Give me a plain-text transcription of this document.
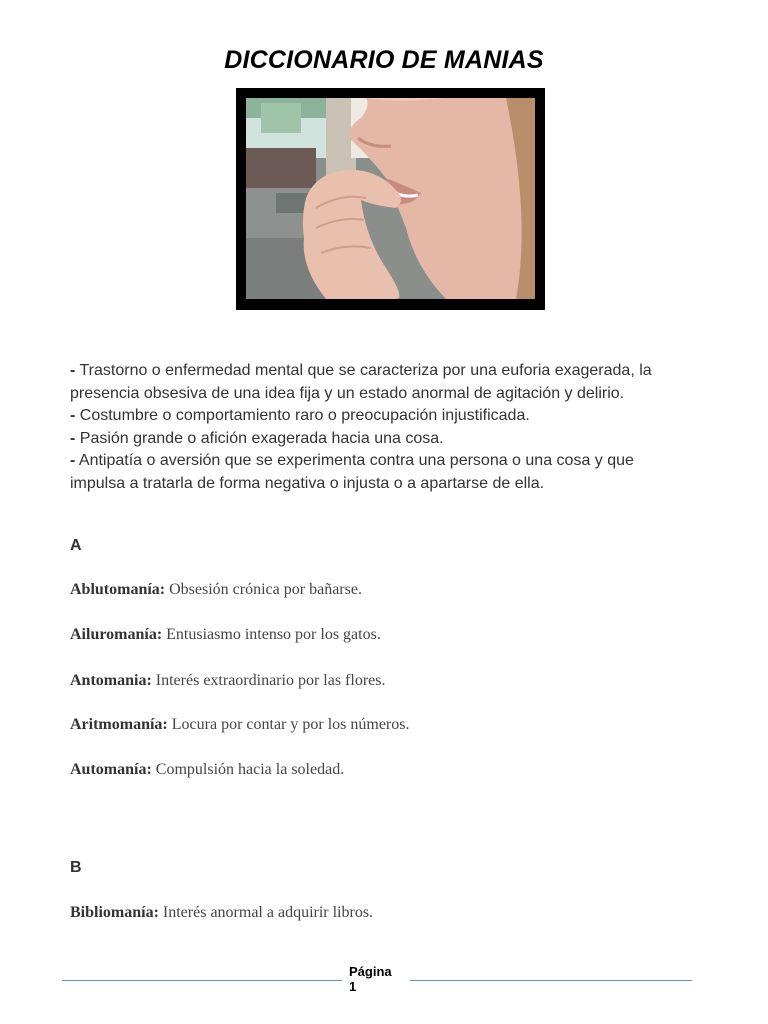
DICCIONARIO DE MANIAS

- Trastorno o enfermedad mental que se caracteriza por una euforia exagerada, la presencia obsesiva de una idea fija y un estado anormal de agitación y delirio.

- Costumbre o comportamiento raro o preocupación injustificada.

- Pasión grande o afición exagerada hacia una cosa.

- Antipatía o aversión que se experimenta contra una persona o una cosa y que impulsa a tratarla de forma negativa o injusta o a apartarse de ella.

A
Ablutomanía: Obsesión crónica por bañarse.
Ailuromanía: Entusiasmo intenso por los gatos.
Antomania: Interés extraordinario por las flores.
Aritmomanía: Locura por contar y por los números.
Automanía: Compulsión hacia la soledad.
B
Bibliomanía: Interés anormal a adquirir libros.
Página
1
